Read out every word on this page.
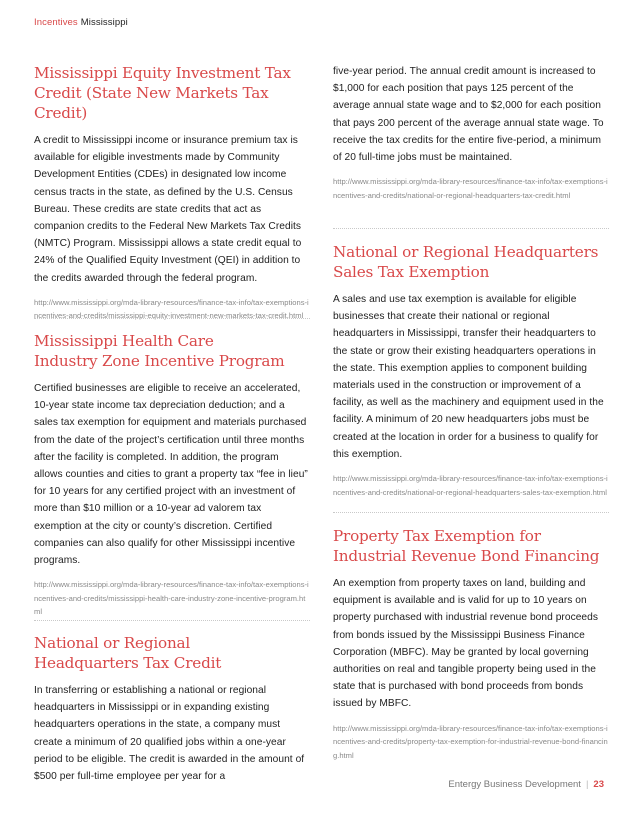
Incentives Mississippi
Mississippi Equity Investment Tax
Credit (State New Markets Tax Credit)

A credit to Mississippi income or insurance premium tax is available for eligible investments made by Community Development Entities (CDEs) in designated low income census tracts in the state, as defined by the U.S. Census Bureau. These credits are state credits that act as companion credits to the Federal New Markets Tax Credits (NMTC) Program. Mississippi allows a state credit equal to 24% of the Qualified Equity Investment (QEI) in addition to the credits awarded through the federal program.

http://www.mississippi.org/mda-library-resources/finance-tax-info/tax-exemptions-incentives-and-credits/mississippi-equity-investment-new-markets-tax-credit.html

Mississippi Health Care
Industry Zone Incentive Program

Certified businesses are eligible to receive an accelerated, 10-year state income tax depreciation deduction; and a sales tax exemption for equipment and materials purchased from the date of the project’s certification until three months after the facility is completed. In addition, the program allows counties and cities to grant a property tax “fee in lieu” for 10 years for any certified project with an investment of more than $10 million or a 10-year ad valorem tax exemption at the city or county’s discretion. Certified companies can also qualify for other Mississippi incentive programs.

http://www.mississippi.org/mda-library-resources/finance-tax-info/tax-exemptions-incentives-and-credits/mississippi-health-care-industry-zone-incentive-program.html

National or Regional
Headquarters Tax Credit

In transferring or establishing a national or regional headquarters in Mississippi or in expanding existing headquarters operations in the state, a company must create a minimum of 20 qualified jobs within a one-year period to be eligible. The credit is awarded in the amount of $500 per full-time employee per year for a

five-year period. The annual credit amount is increased to $1,000 for each position that pays 125 percent of the average annual state wage and to $2,000 for each position that pays 200 percent of the average annual state wage. To receive the tax credits for the entire five-period, a minimum of 20 full-time jobs must be maintained.

http://www.mississippi.org/mda-library-resources/finance-tax-info/tax-exemptions-incentives-and-credits/national-or-regional-headquarters-tax-credit.html

National or Regional Headquarters
Sales Tax Exemption

A sales and use tax exemption is available for eligible businesses that create their national or regional headquarters in Mississippi, transfer their headquarters to the state or grow their existing headquarters operations in the state. This exemption applies to component building materials used in the construction or improvement of a facility, as well as the machinery and equipment used in the facility. A minimum of 20 new headquarters jobs must be created at the location in order for a business to qualify for this exemption.

http://www.mississippi.org/mda-library-resources/finance-tax-info/tax-exemptions-incentives-and-credits/national-or-regional-headquarters-sales-tax-exemption.html

Property Tax Exemption for
Industrial Revenue Bond Financing

An exemption from property taxes on land, building and equipment is available and is valid for up to 10 years on property purchased with industrial revenue bond proceeds from bonds issued by the Mississippi Business Finance Corporation (MBFC). May be granted by local governing authorities on real and tangible property being used in the state that is purchased with bond proceeds from bonds issued by MBFC.

http://www.mississippi.org/mda-library-resources/finance-tax-info/tax-exemptions-incentives-and-credits/property-tax-exemption-for-industrial-revenue-bond-financing.html

Entergy Business Development | 23
